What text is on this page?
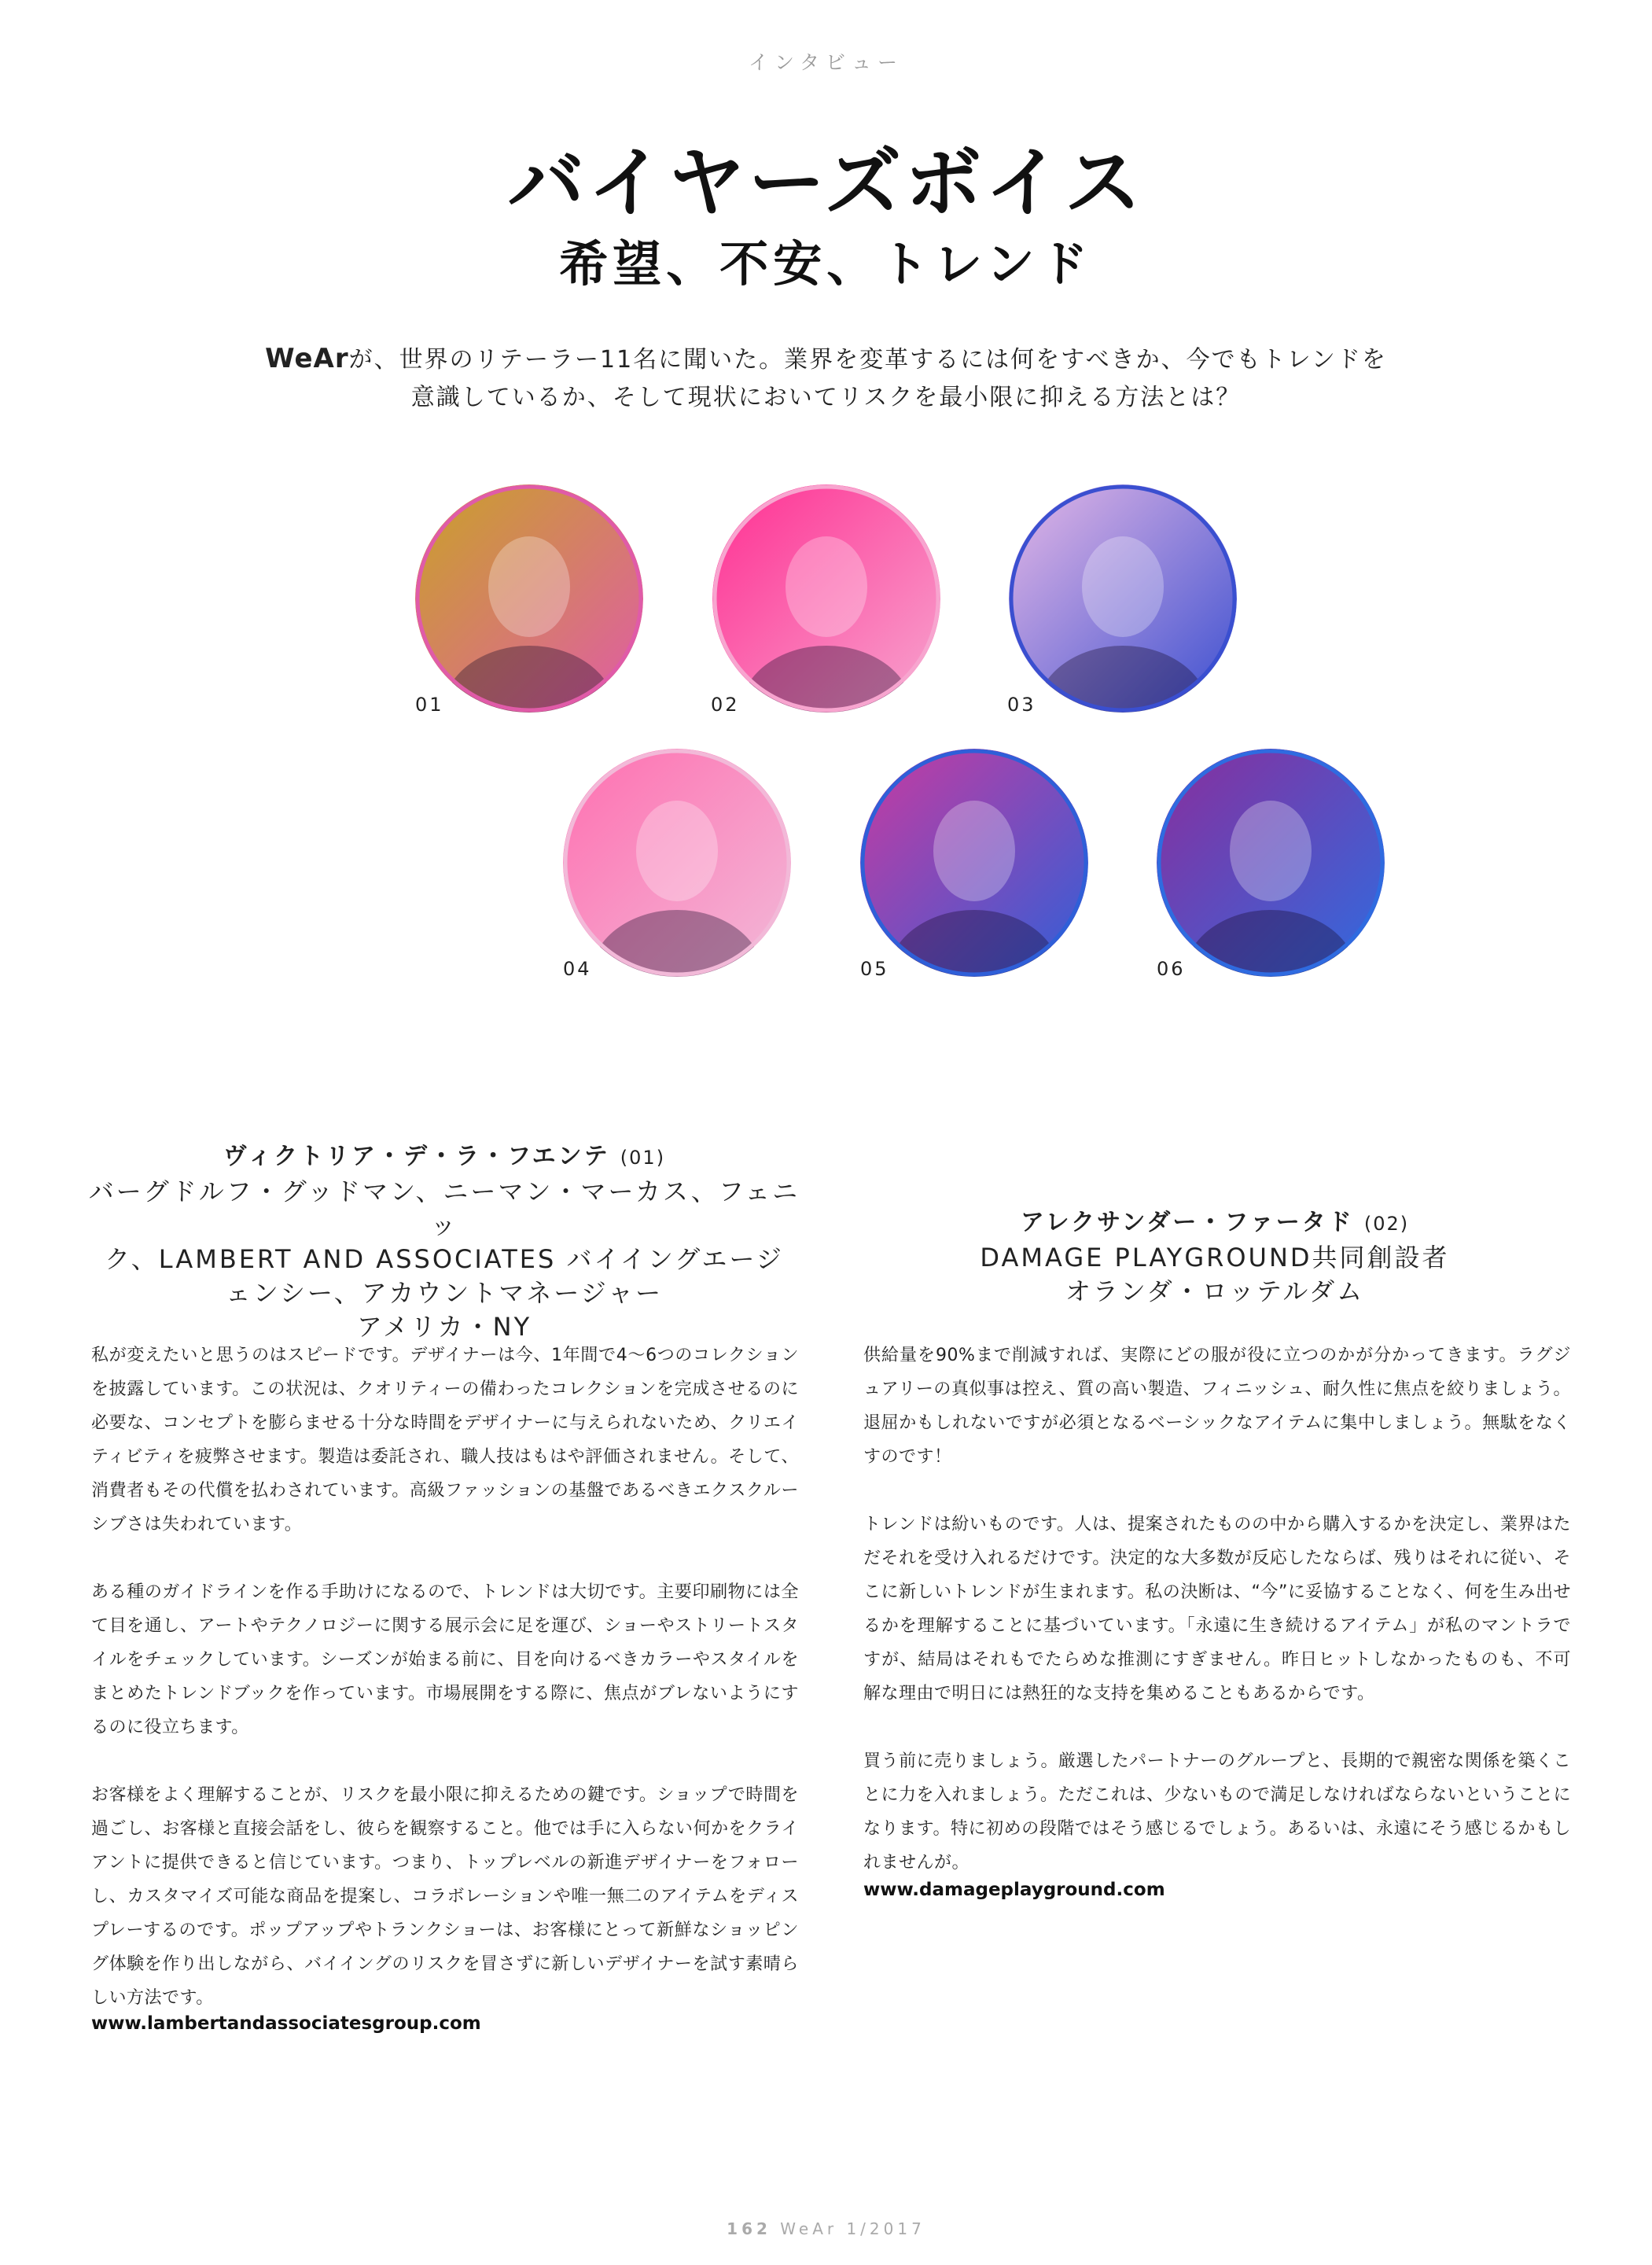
インタビュー
バイヤーズボイス
希望、不安、トレンド
WeArが、世界のリテーラー11名に聞いた。業界を変革するには何をすべきか、今でもトレンドを
意識しているか、そして現状においてリスクを最小限に抑える方法とは？
01	02	03
04	05	06
ヴィクトリア・デ・ラ・フエンテ (01)
バーグドルフ・グッドマン、ニーマン・マーカス、フェニッ
ク、LAMBERT AND ASSOCIATES バイイングエージ
ェンシー、アカウントマネージャー
アメリカ・NY
アレクサンダー・ファータド (02)
DAMAGE PLAYGROUND共同創設者
オランダ・ロッテルダム

私が変えたいと思うのはスピードです。デザイナーは今、1年間で4〜6つのコレクションを披露しています。この状況は、クオリティーの備わったコレクションを完成させるのに必要な、コンセプトを膨らませる十分な時間をデザイナーに与えられないため、クリエイティビティを疲弊させます。製造は委託され、職人技はもはや評価されません。そして、消費者もその代償を払わされています。高級ファッションの基盤であるべきエクスクルーシブさは失われています。

ある種のガイドラインを作る手助けになるので、トレンドは大切です。主要印刷物には全て目を通し、アートやテクノロジーに関する展示会に足を運び、ショーやストリートスタイルをチェックしています。シーズンが始まる前に、目を向けるべきカラーやスタイルをまとめたトレンドブックを作っています。市場展開をする際に、焦点がブレないようにするのに役立ちます。

お客様をよく理解することが、リスクを最小限に抑えるための鍵です。ショップで時間を過ごし、お客様と直接会話をし、彼らを観察すること。他では手に入らない何かをクライアントに提供できると信じています。つまり、トップレベルの新進デザイナーをフォローし、カスタマイズ可能な商品を提案し、コラボレーションや唯一無二のアイテムをディスプレーするのです。ポップアップやトランクショーは、お客様にとって新鮮なショッピング体験を作り出しながら、バイイングのリスクを冒さずに新しいデザイナーを試す素晴らしい方法です。

www.lambertandassociatesgroup.com

供給量を90%まで削減すれば、実際にどの服が役に立つのかが分かってきます。ラグジュアリーの真似事は控え、質の高い製造、フィニッシュ、耐久性に焦点を絞りましょう。退屈かもしれないですが必須となるベーシックなアイテムに集中しましょう。無駄をなくすのです！

トレンドは紛いものです。人は、提案されたものの中から購入するかを決定し、業界はただそれを受け入れるだけです。決定的な大多数が反応したならば、残りはそれに従い、そこに新しいトレンドが生まれます。私の決断は、“今”に妥協することなく、何を生み出せるかを理解することに基づいています。「永遠に生き続けるアイテム」が私のマントラですが、結局はそれもでたらめな推測にすぎません。昨日ヒットしなかったものも、不可解な理由で明日には熱狂的な支持を集めることもあるからです。

買う前に売りましょう。厳選したパートナーのグループと、長期的で親密な関係を築くことに力を入れましょう。ただこれは、少ないもので満足しなければならないということになります。特に初めの段階ではそう感じるでしょう。あるいは、永遠にそう感じるかもしれませんが。

www.damageplayground.com
162 WeAr 1/2017
